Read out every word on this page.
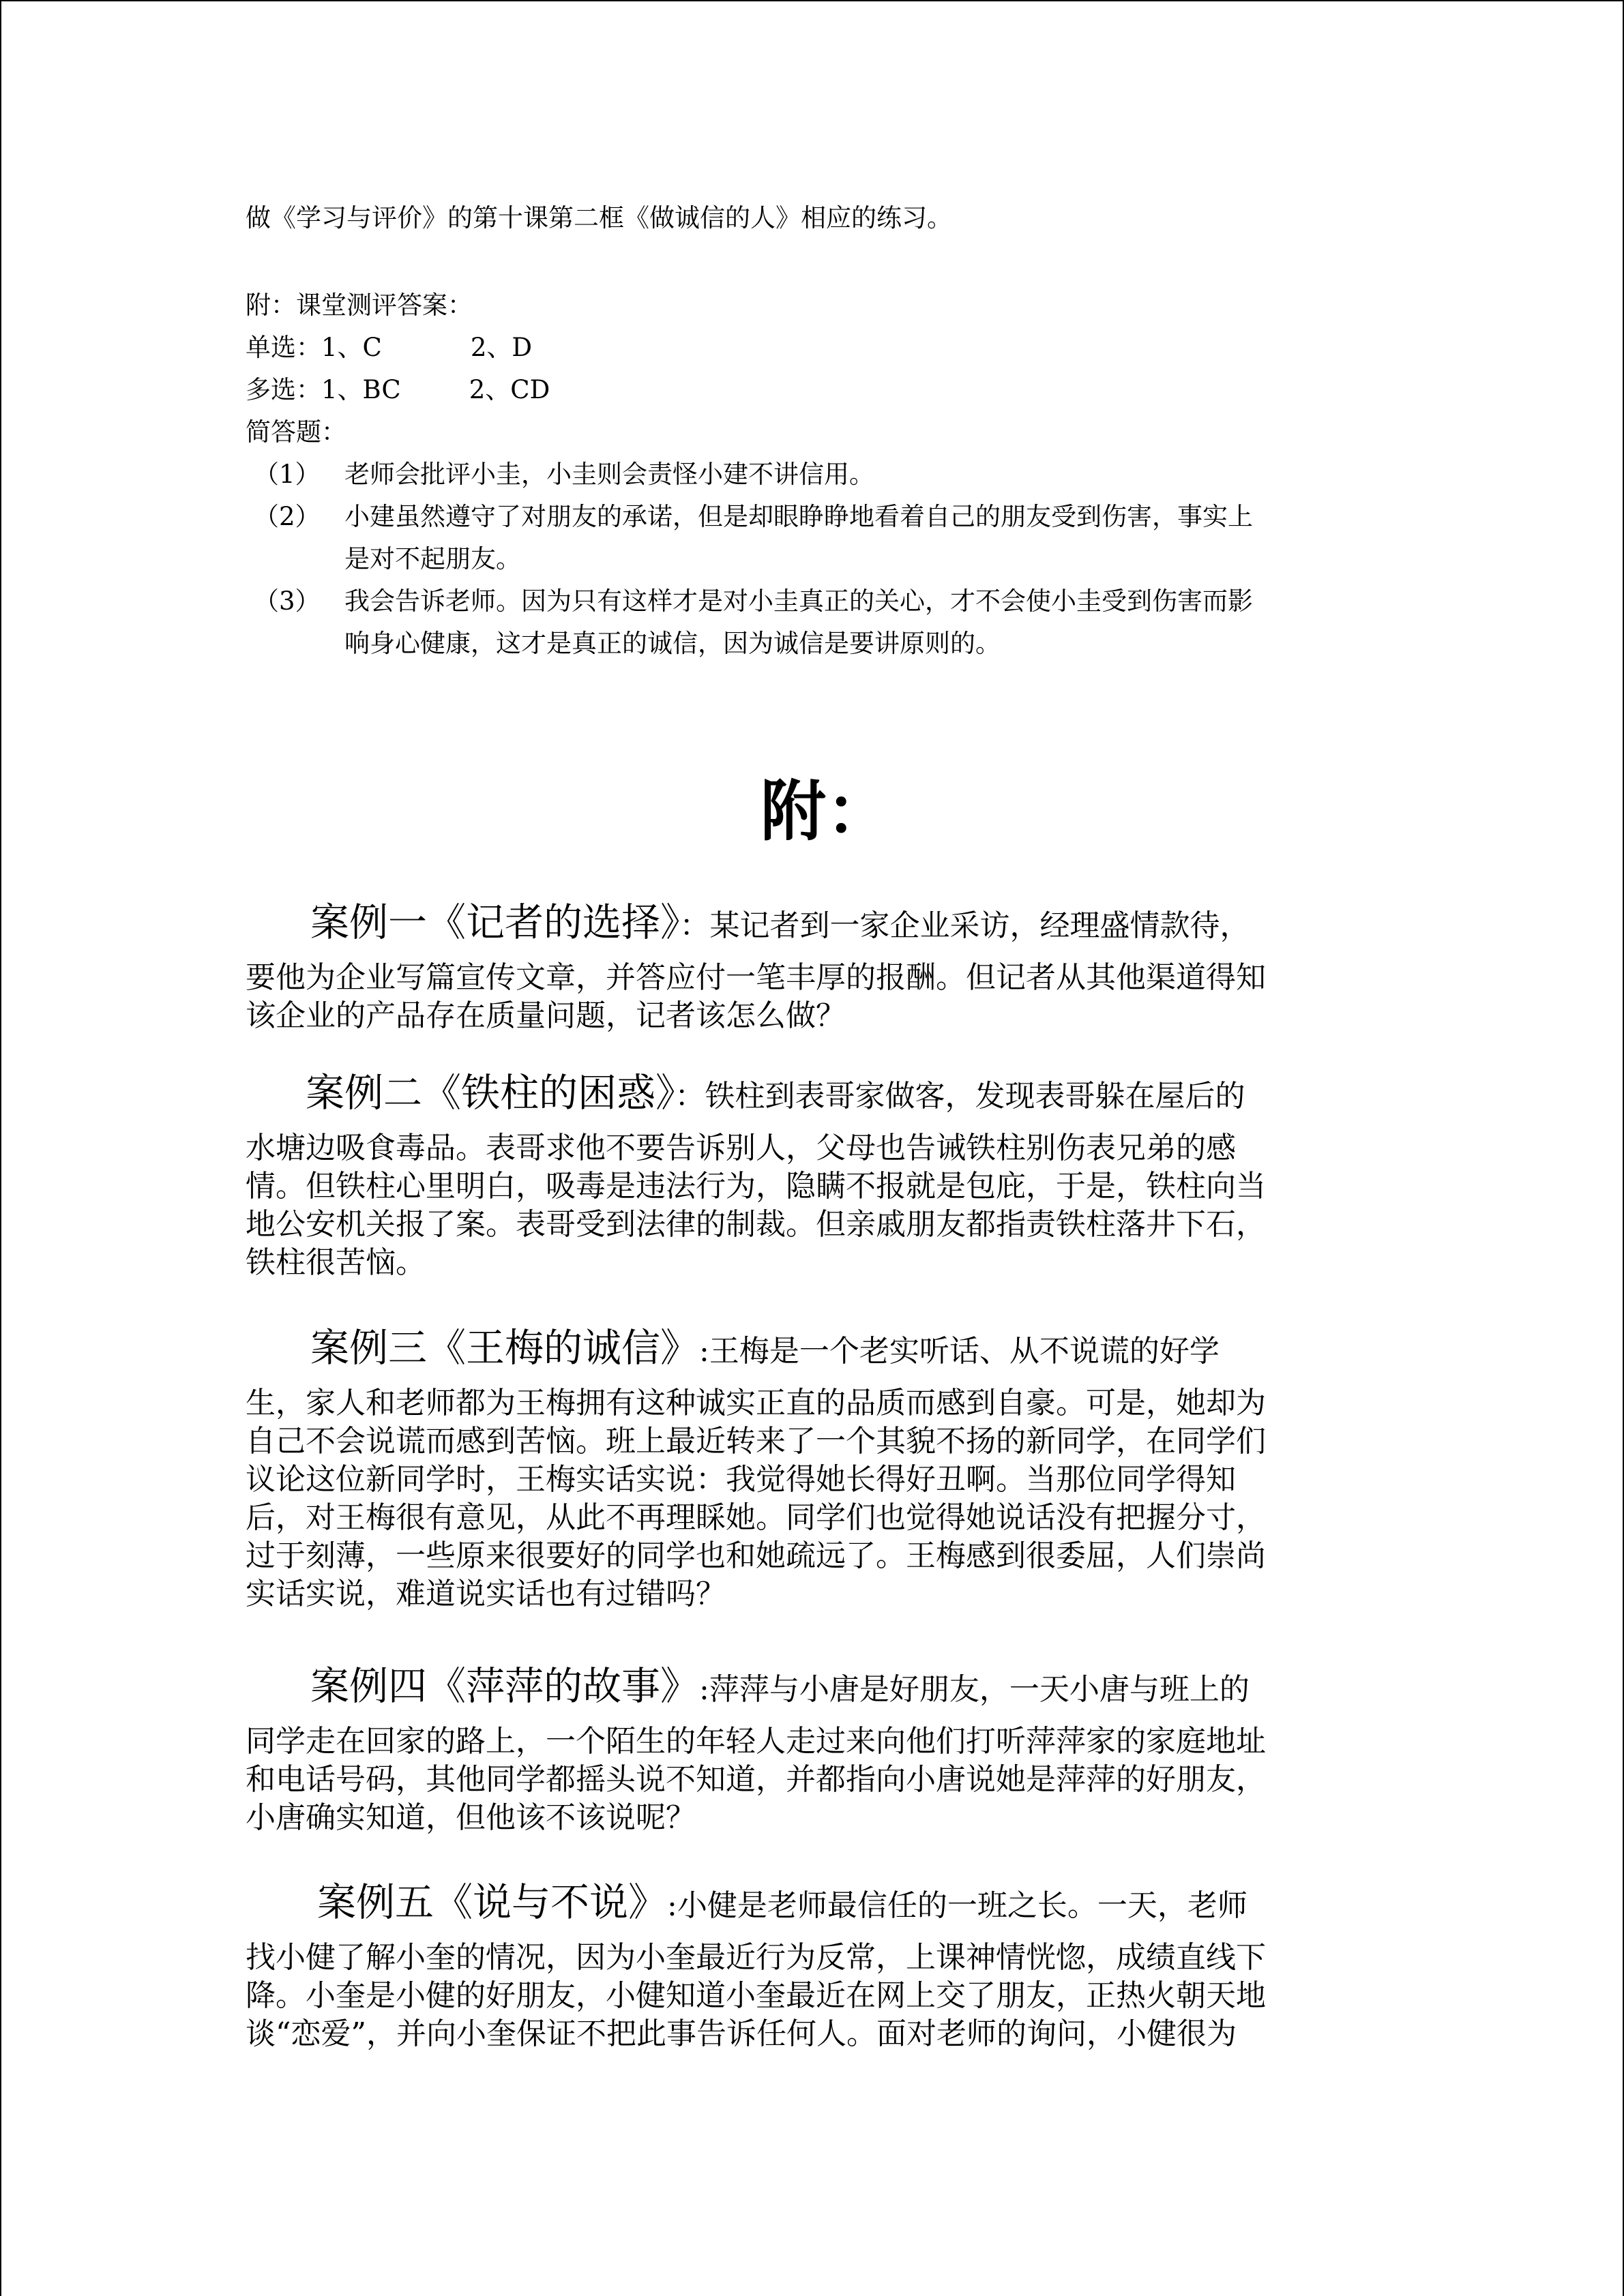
做《学习与评价》的第十课第二框《做诚信的人》相应的练习。
附：课堂测评答案：
单选：1、C	2、D
多选：1、BC	2、CD
简答题：
（1） 老师会批评小圭，小圭则会责怪小建不讲信用。
（2） 小建虽然遵守了对朋友的承诺，但是却眼睁睁地看着自己的朋友受到伤害，事实上
是对不起朋友。
（3） 我会告诉老师。因为只有这样才是对小圭真正的关心，才不会使小圭受到伤害而影
响身心健康，这才是真正的诚信，因为诚信是要讲原则的。
附：
案例一《记者的选择》：某记者到一家企业采访，经理盛情款待，
要他为企业写篇宣传文章，并答应付一笔丰厚的报酬。但记者从其他渠道得知
该企业的产品存在质量问题，记者该怎么做？
案例二《铁柱的困惑》：铁柱到表哥家做客，发现表哥躲在屋后的
水塘边吸食毒品。表哥求他不要告诉别人，父母也告诫铁柱别伤表兄弟的感
情。但铁柱心里明白，吸毒是违法行为，隐瞒不报就是包庇，于是，铁柱向当
地公安机关报了案。表哥受到法律的制裁。但亲戚朋友都指责铁柱落井下石，
铁柱很苦恼。
案例三《王梅的诚信》:王梅是一个老实听话、从不说谎的好学
生，家人和老师都为王梅拥有这种诚实正直的品质而感到自豪。可是，她却为
自己不会说谎而感到苦恼。班上最近转来了一个其貌不扬的新同学，在同学们
议论这位新同学时，王梅实话实说：我觉得她长得好丑啊。当那位同学得知
后，对王梅很有意见，从此不再理睬她。同学们也觉得她说话没有把握分寸，
过于刻薄，一些原来很要好的同学也和她疏远了。王梅感到很委屈，人们崇尚
实话实说，难道说实话也有过错吗？
案例四《萍萍的故事》:萍萍与小唐是好朋友，一天小唐与班上的
同学走在回家的路上，一个陌生的年轻人走过来向他们打听萍萍家的家庭地址
和电话号码，其他同学都摇头说不知道，并都指向小唐说她是萍萍的好朋友，
小唐确实知道，但他该不该说呢？
案例五《说与不说》:小健是老师最信任的一班之长。一天，老师
找小健了解小奎的情况，因为小奎最近行为反常，上课神情恍惚，成绩直线下
降。小奎是小健的好朋友，小健知道小奎最近在网上交了朋友，正热火朝天地
谈“恋爱”，并向小奎保证不把此事告诉任何人。面对老师的询问，小健很为
